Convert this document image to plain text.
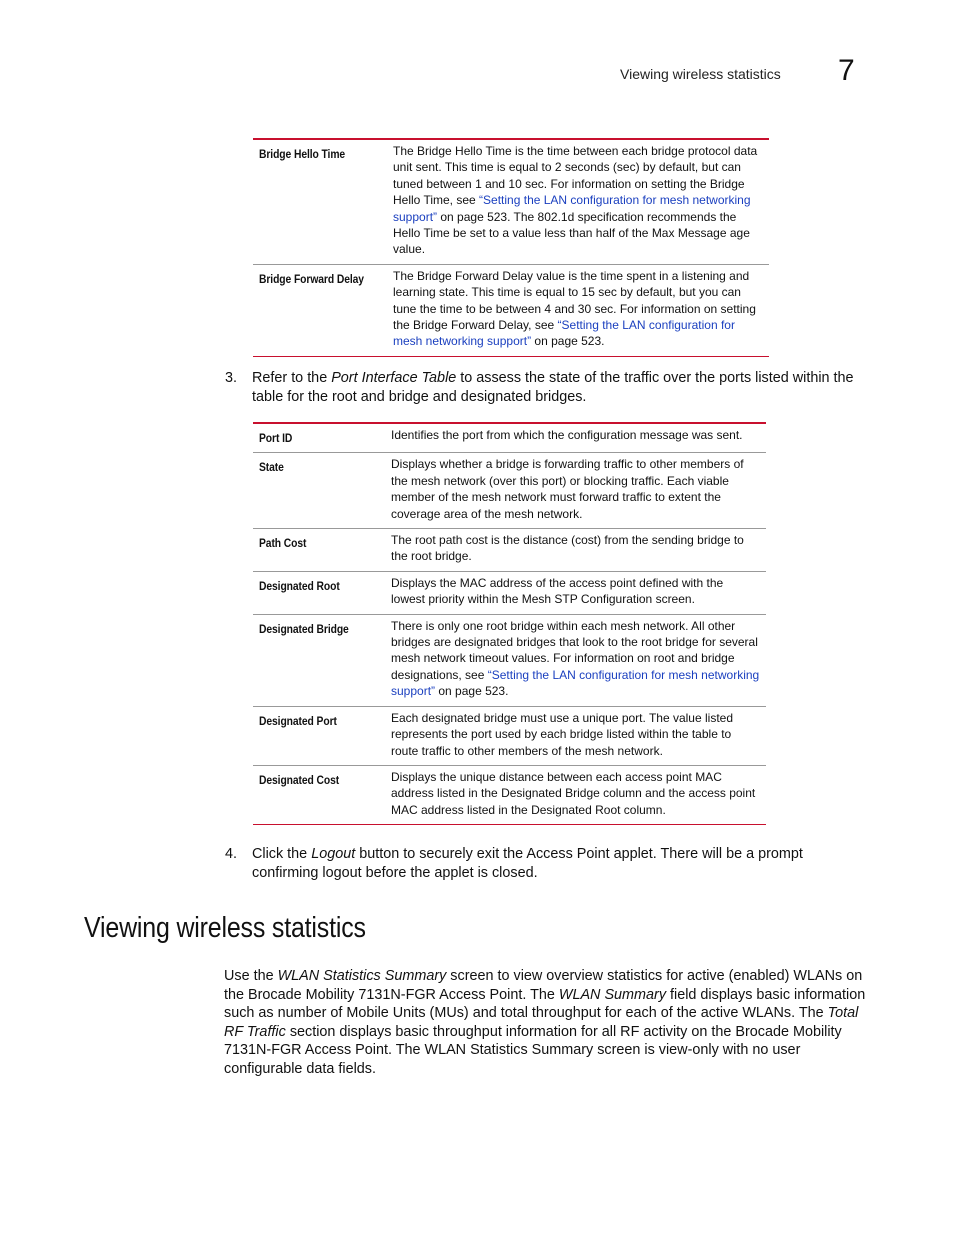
Viewing wireless statistics 7
Bridge Hello Time	The Bridge Hello Time is the time between each bridge protocol data unit sent. This time is equal to 2 seconds (sec) by default, but can tuned between 1 and 10 sec. For information on setting the Bridge Hello Time, see “Setting the LAN configuration for mesh networking support” on page 523. The 802.1d specification recommends the Hello Time be set to a value less than half of the Max Message age value.
Bridge Forward Delay	The Bridge Forward Delay value is the time spent in a listening and learning state. This time is equal to 15 sec by default, but you can tune the time to be between 4 and 30 sec. For information on setting the Bridge Forward Delay, see “Setting the LAN configuration for mesh networking support” on page 523.
3. Refer to the Port Interface Table to assess the state of the traffic over the ports listed within the table for the root and bridge and designated bridges.
Port ID	Identifies the port from which the configuration message was sent.
State	Displays whether a bridge is forwarding traffic to other members of the mesh network (over this port) or blocking traffic. Each viable member of the mesh network must forward traffic to extent the coverage area of the mesh network.
Path Cost	The root path cost is the distance (cost) from the sending bridge to the root bridge.
Designated Root	Displays the MAC address of the access point defined with the lowest priority within the Mesh STP Configuration screen.
Designated Bridge	There is only one root bridge within each mesh network. All other bridges are designated bridges that look to the root bridge for several mesh network timeout values. For information on root and bridge designations, see “Setting the LAN configuration for mesh networking support” on page 523.
Designated Port	Each designated bridge must use a unique port. The value listed represents the port used by each bridge listed within the table to route traffic to other members of the mesh network.
Designated Cost	Displays the unique distance between each access point MAC address listed in the Designated Bridge column and the access point MAC address listed in the Designated Root column.
4. Click the Logout button to securely exit the Access Point applet. There will be a prompt confirming logout before the applet is closed.
Viewing wireless statistics
Use the WLAN Statistics Summary screen to view overview statistics for active (enabled) WLANs on the Brocade Mobility 7131N-FGR Access Point. The WLAN Summary field displays basic information such as number of Mobile Units (MUs) and total throughput for each of the active WLANs. The Total RF Traffic section displays basic throughput information for all RF activity on the Brocade Mobility 7131N-FGR Access Point. The WLAN Statistics Summary screen is view-only with no user configurable data fields.
